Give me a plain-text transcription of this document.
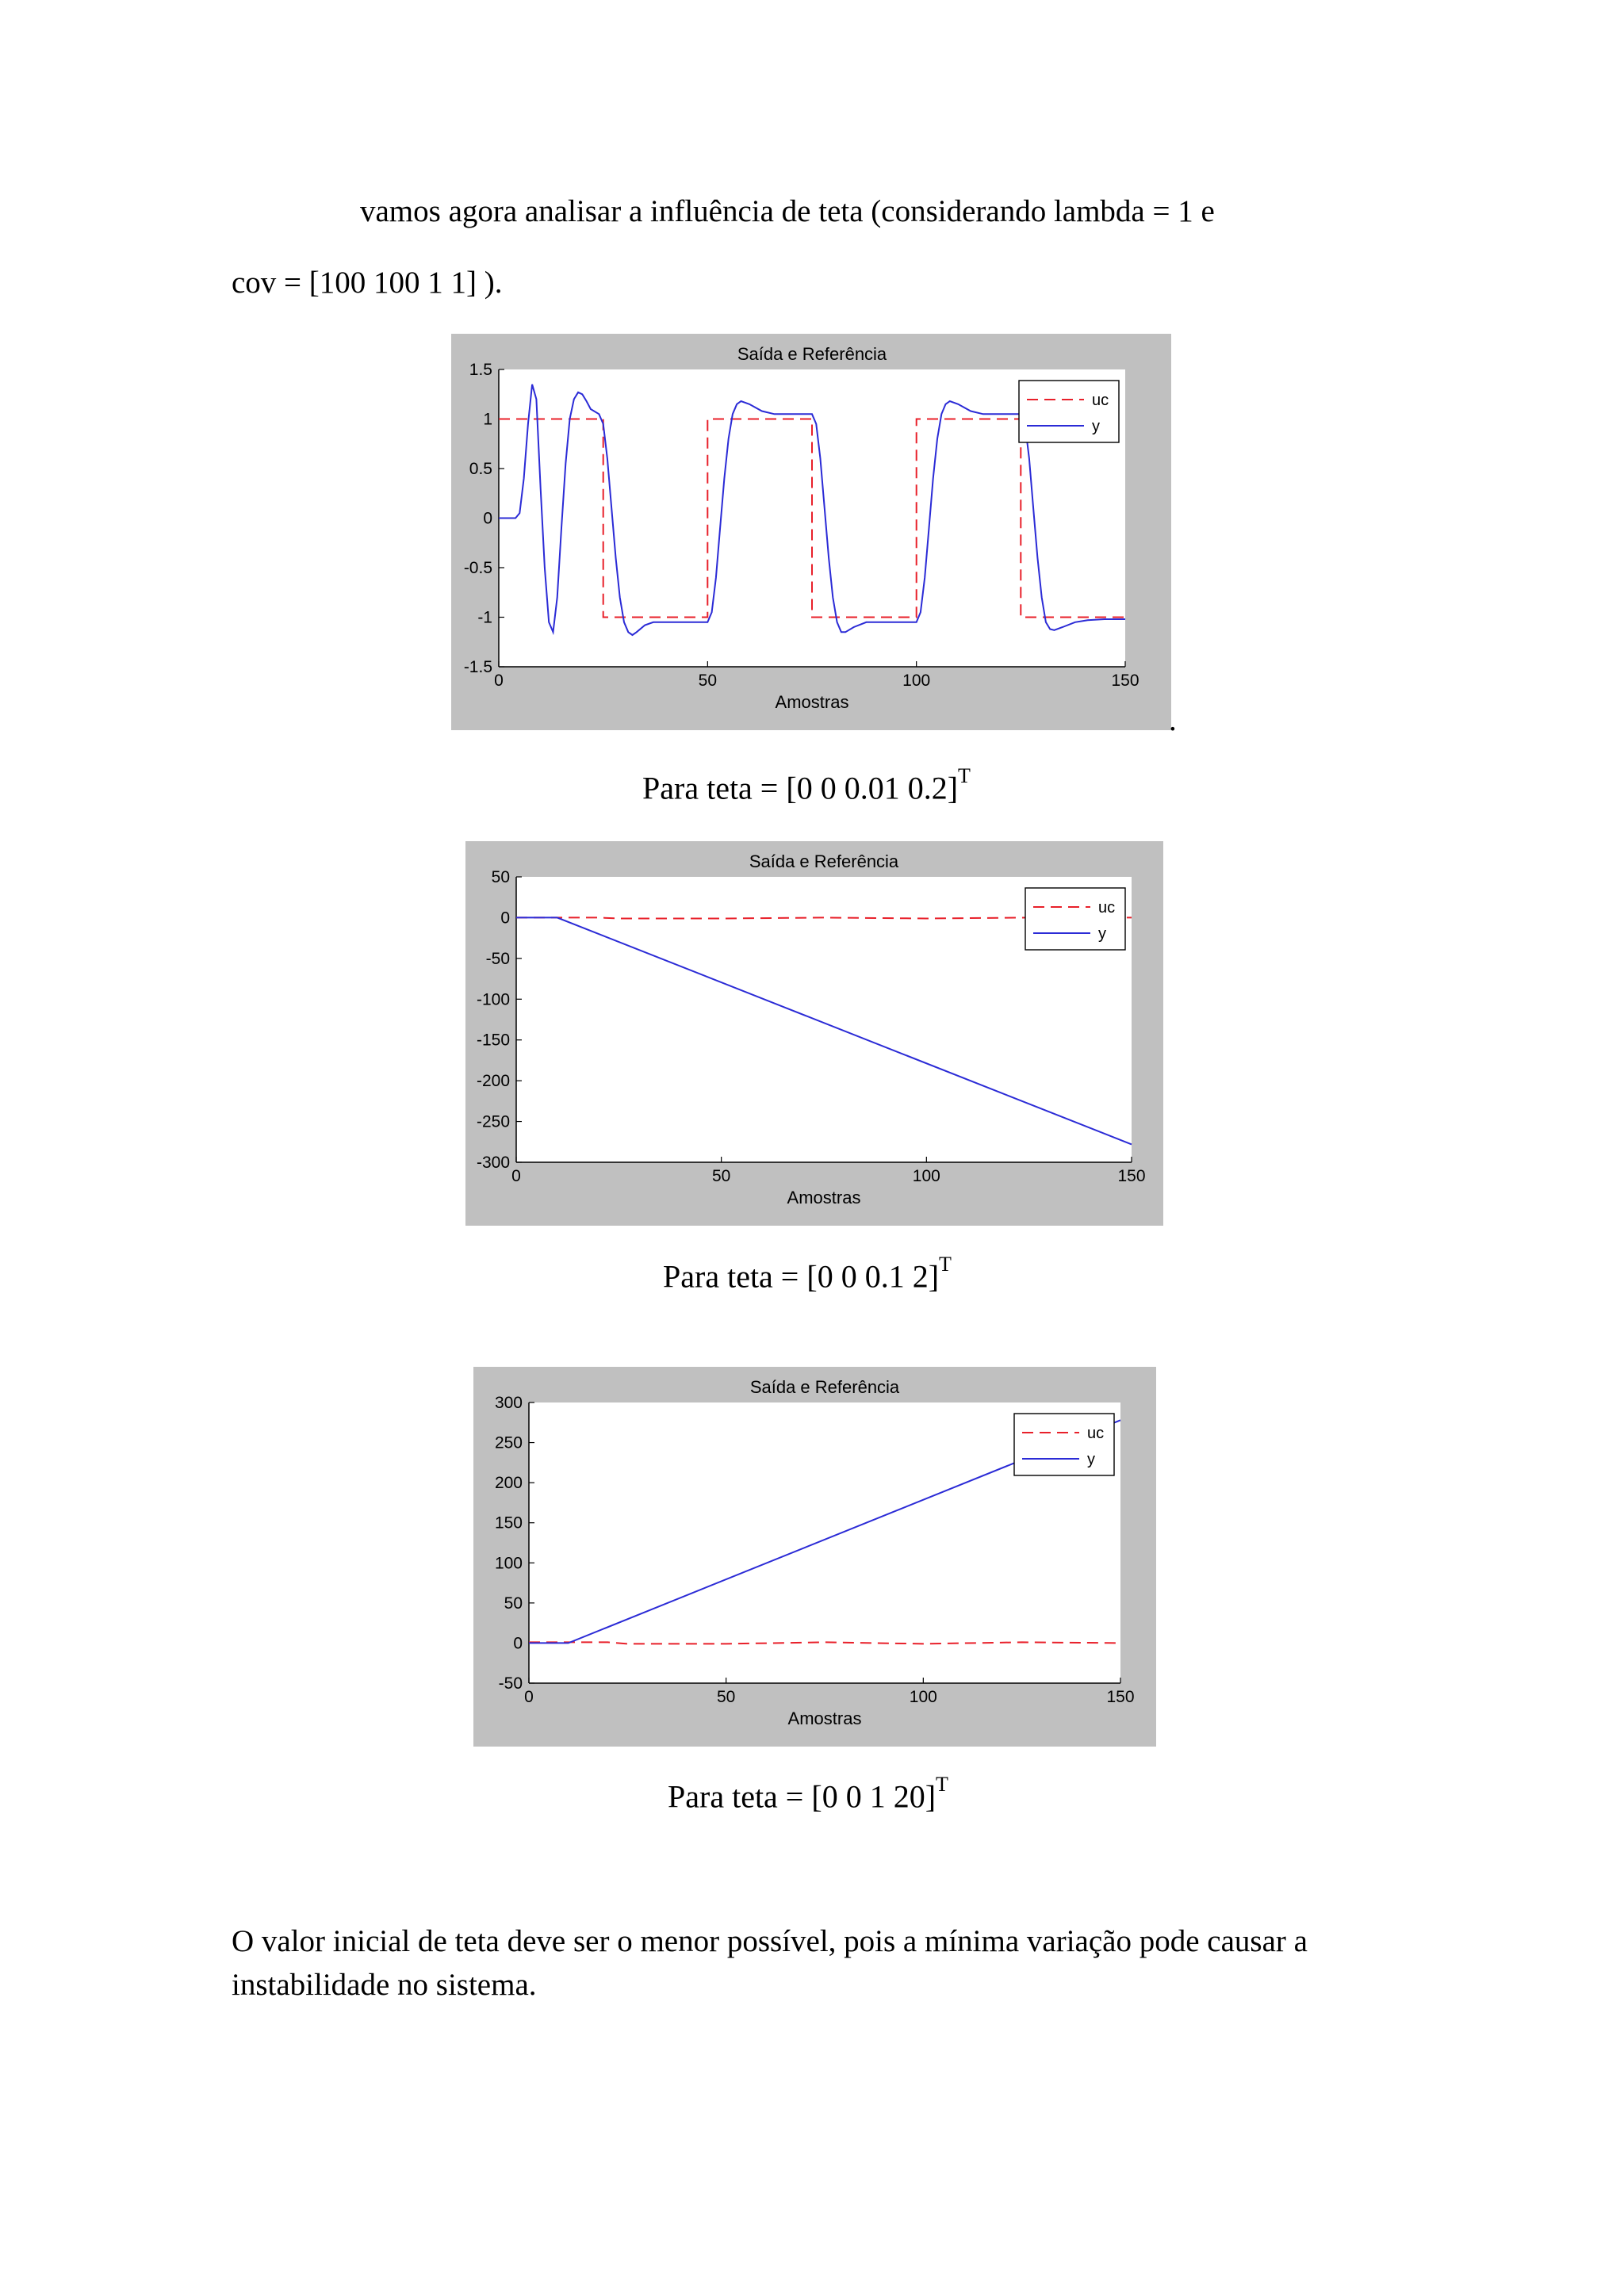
vamos agora analisar a influência de teta (considerando lambda = 1 e
cov = [100 100 1 1] ).
Saída e Referência
0	50	100	150
-1.5
-1
-0.5
0
0.5
1
1.5
Amostras
uc
y
.
Para teta = [0 0 0.01 0.2]$^T$
Saída e Referência
0	50	100	150
-300
-250
-200
-150
-100
-50
0
50
Amostras
uc
y
Para teta = [0 0 0.1 2]$^T$
Saída e Referência
0	50	100	150
-50
0
50
100
150
200
250
300
Amostras
uc
y
Para teta = [0 0 1 20]$^T$
O valor inicial de teta deve ser o menor possível, pois a mínima variação pode causar a instabilidade no sistema.
